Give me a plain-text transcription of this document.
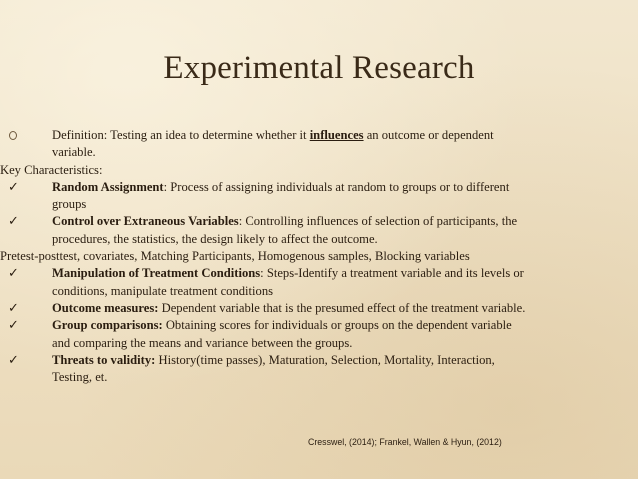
Experimental Research
Definition: Testing an idea to determine whether it influences an outcome or dependent
variable.
Key Characteristics:
✓	Random Assignment: Process of assigning individuals at random to groups or to different
groups
✓	Control over Extraneous Variables: Controlling influences of selection of participants, the
procedures, the statistics, the design likely to affect the outcome.
Pretest-posttest, covariates, Matching Participants, Homogenous samples, Blocking variables
✓	Manipulation of Treatment Conditions: Steps-Identify a treatment variable and its levels or
conditions, manipulate treatment conditions
✓	Outcome measures: Dependent variable that is the presumed effect of the treatment variable.
✓	Group comparisons: Obtaining scores for individuals or groups on the dependent variable
and comparing the means and variance between the groups.
✓	Threats to validity: History(time passes), Maturation, Selection, Mortality, Interaction,
Testing, et.
Cresswel, (2014); Frankel, Wallen & Hyun, (2012)
